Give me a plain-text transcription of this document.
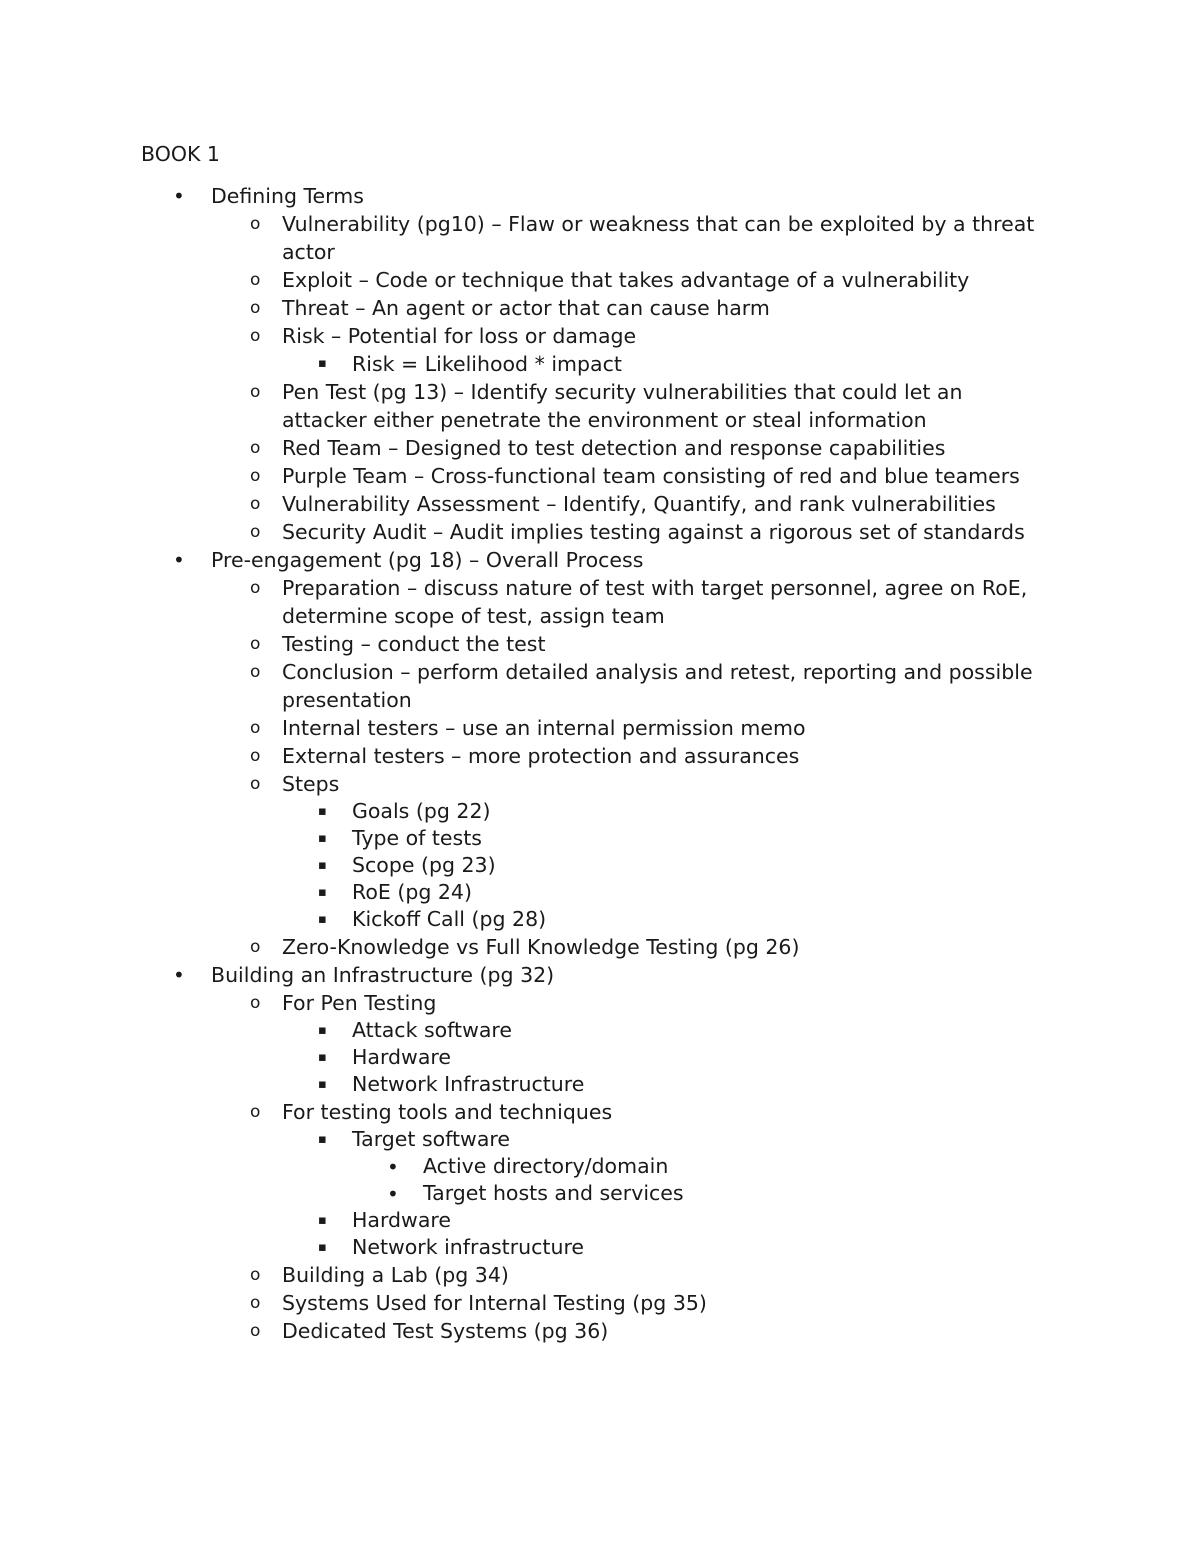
BOOK 1
• Defining Terms
o Vulnerability (pg10) – Flaw or weakness that can be exploited by a threat actor
o Exploit – Code or technique that takes advantage of a vulnerability
o Threat – An agent or actor that can cause harm
o Risk – Potential for loss or damage
▪ Risk = Likelihood * impact
o Pen Test (pg 13) – Identify security vulnerabilities that could let an attacker either penetrate the environment or steal information
o Red Team – Designed to test detection and response capabilities
o Purple Team – Cross-functional team consisting of red and blue teamers
o Vulnerability Assessment – Identify, Quantify, and rank vulnerabilities
o Security Audit – Audit implies testing against a rigorous set of standards
• Pre-engagement (pg 18) – Overall Process
o Preparation – discuss nature of test with target personnel, agree on RoE, determine scope of test, assign team
o Testing – conduct the test
o Conclusion – perform detailed analysis and retest, reporting and possible presentation
o Internal testers – use an internal permission memo
o External testers – more protection and assurances
o Steps
▪ Goals (pg 22)
▪ Type of tests
▪ Scope (pg 23)
▪ RoE (pg 24)
▪ Kickoff Call (pg 28)
o Zero-Knowledge vs Full Knowledge Testing (pg 26)
• Building an Infrastructure (pg 32)
o For Pen Testing
▪ Attack software
▪ Hardware
▪ Network Infrastructure
o For testing tools and techniques
▪ Target software
• Active directory/domain
• Target hosts and services
▪ Hardware
▪ Network infrastructure
o Building a Lab (pg 34)
o Systems Used for Internal Testing (pg 35)
o Dedicated Test Systems (pg 36)
